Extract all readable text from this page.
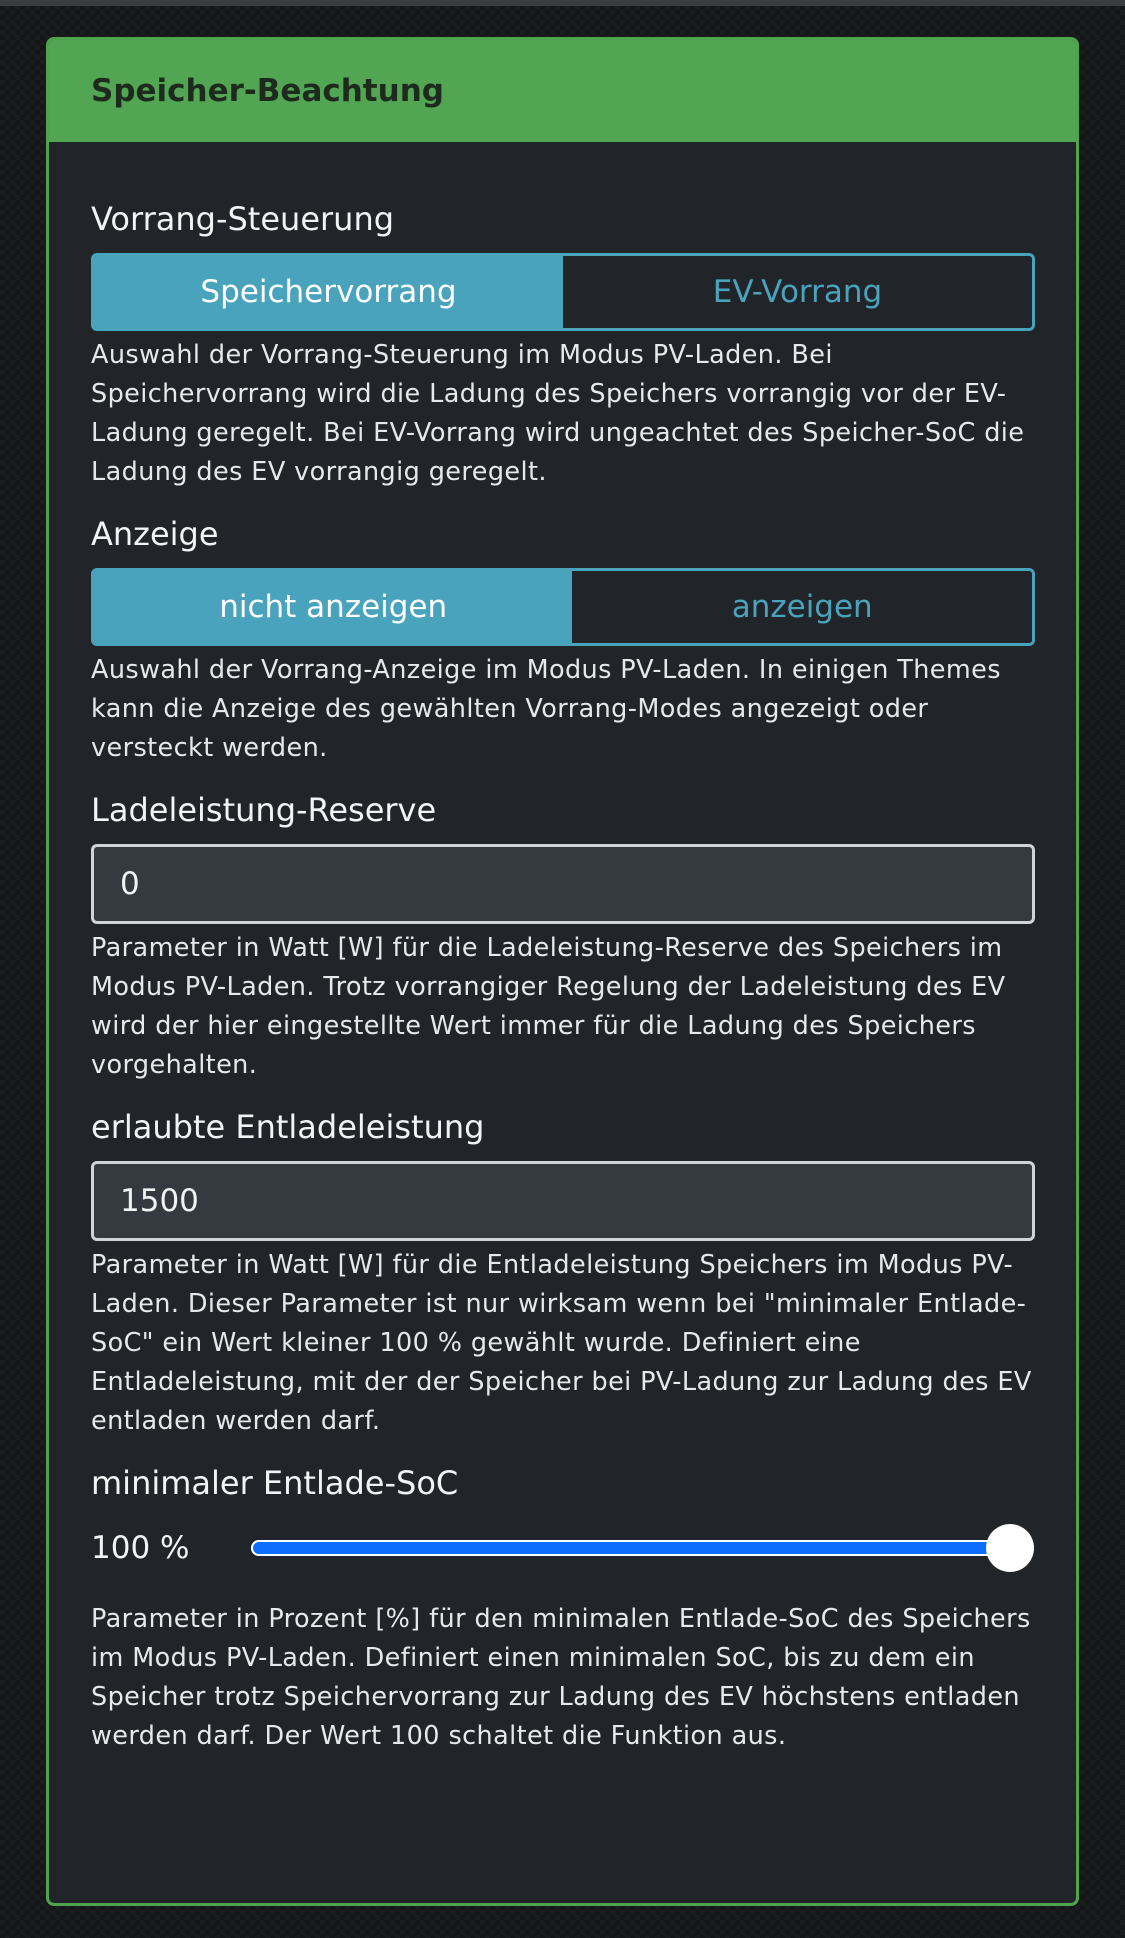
Speicher-Beachtung

Vorrang-Steuerung

Speichervorrang	EV-Vorrang

Auswahl der Vorrang-Steuerung im Modus PV-Laden. Bei Speichervorrang wird die Ladung des Speichers vorrangig vor der EV-Ladung geregelt. Bei EV-Vorrang wird ungeachtet des Speicher-SoC die Ladung des EV vorrangig geregelt.

Anzeige

nicht anzeigen	anzeigen

Auswahl der Vorrang-Anzeige im Modus PV-Laden. In einigen Themes kann die Anzeige des gewählten Vorrang-Modes angezeigt oder versteckt werden.

Ladeleistung-Reserve

0

Parameter in Watt [W] für die Ladeleistung-Reserve des Speichers im Modus PV-Laden. Trotz vorrangiger Regelung der Ladeleistung des EV wird der hier eingestellte Wert immer für die Ladung des Speichers vorgehalten.

erlaubte Entladeleistung

1500

Parameter in Watt [W] für die Entladeleistung Speichers im Modus PV-Laden. Dieser Parameter ist nur wirksam wenn bei "minimaler Entlade-SoC" ein Wert kleiner 100 % gewählt wurde. Definiert eine Entladeleistung, mit der der Speicher bei PV-Ladung zur Ladung des EV entladen werden darf.

minimaler Entlade-SoC

100 %

Parameter in Prozent [%] für den minimalen Entlade-SoC des Speichers im Modus PV-Laden. Definiert einen minimalen SoC, bis zu dem ein Speicher trotz Speichervorrang zur Ladung des EV höchstens entladen werden darf. Der Wert 100 schaltet die Funktion aus.
